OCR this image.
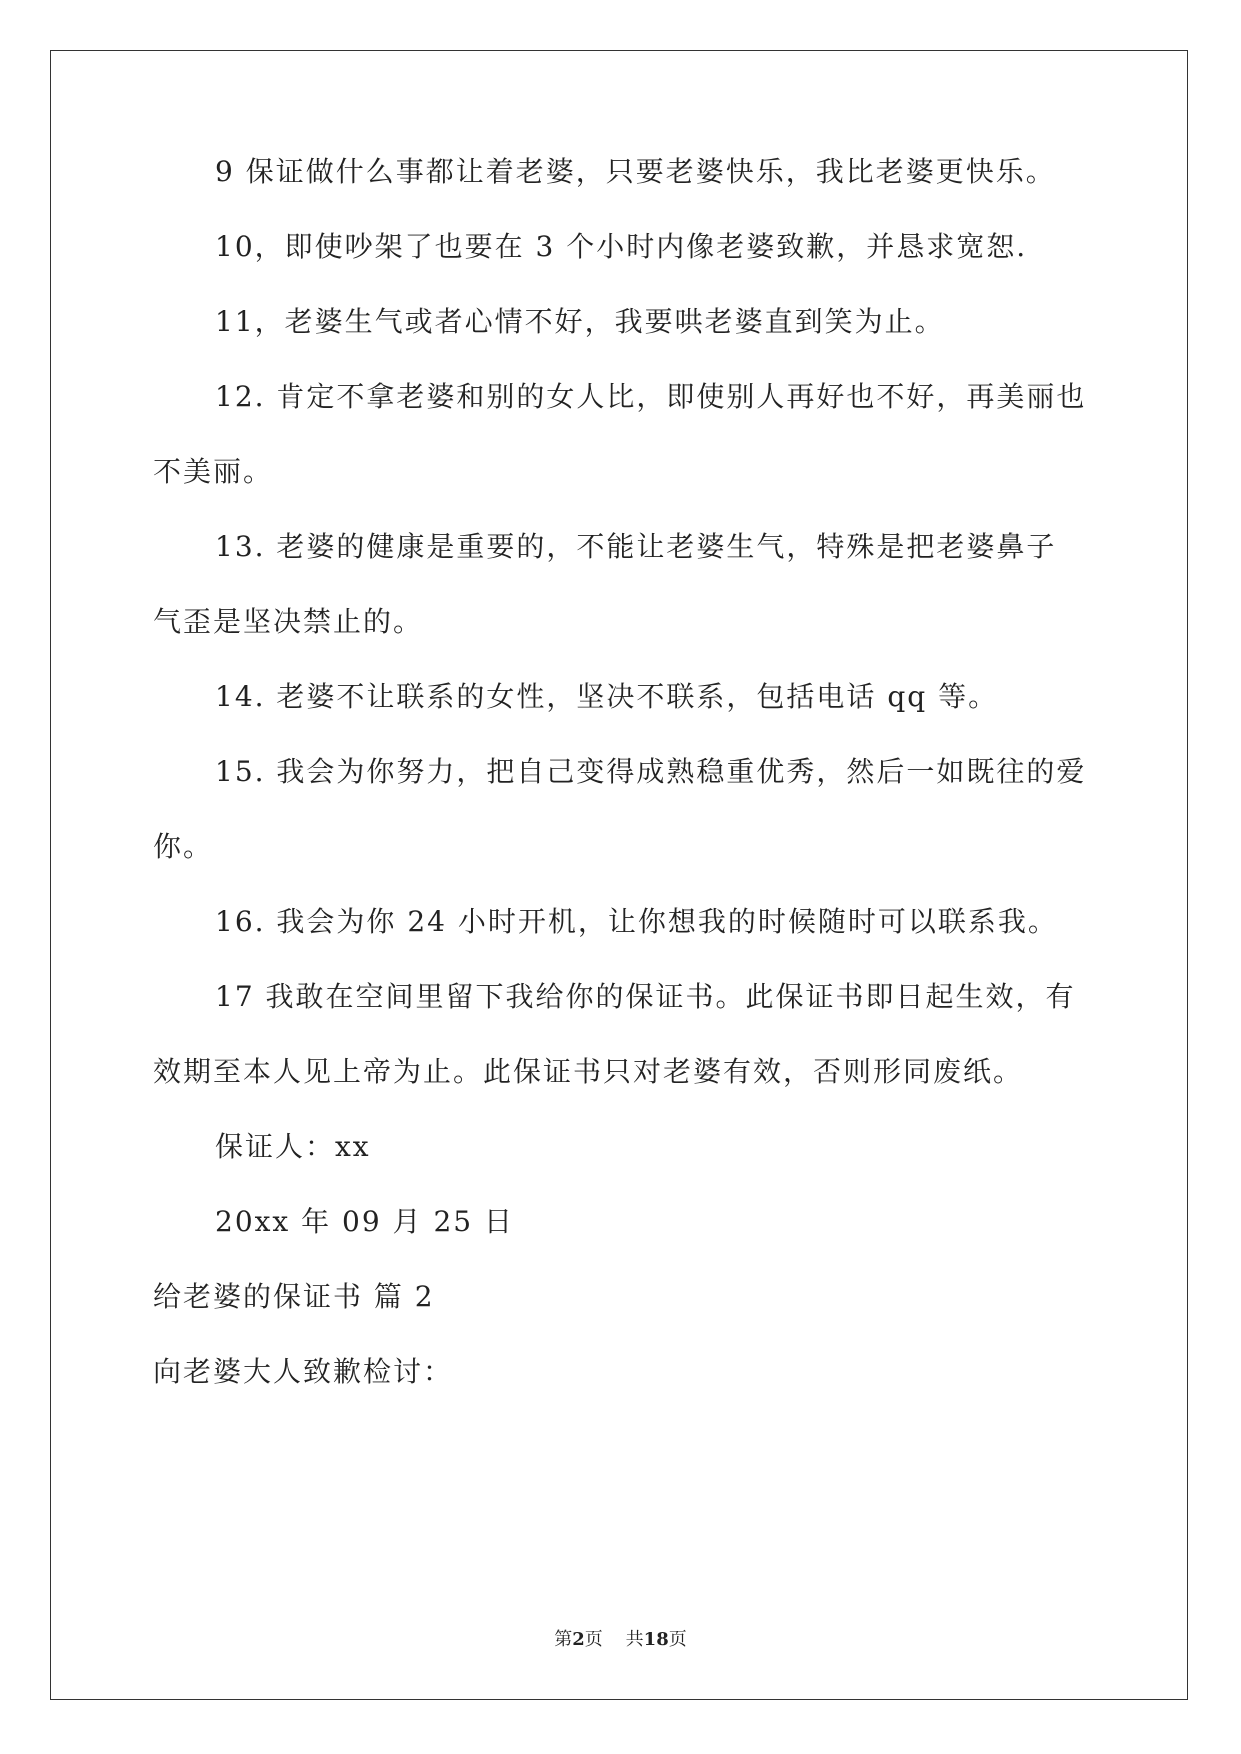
9 保证做什么事都让着老婆，只要老婆快乐，我比老婆更快乐。
10，即使吵架了也要在 3 个小时内像老婆致歉，并恳求宽恕.
11，老婆生气或者心情不好，我要哄老婆直到笑为止。
12. 肯定不拿老婆和别的女人比，即使别人再好也不好，再美丽也
不美丽。
13. 老婆的健康是重要的，不能让老婆生气，特殊是把老婆鼻子
气歪是坚决禁止的。
14. 老婆不让联系的女性，坚决不联系，包括电话 qq 等。
15. 我会为你努力，把自己变得成熟稳重优秀，然后一如既往的爱
你。
16. 我会为你 24 小时开机，让你想我的时候随时可以联系我。
17 我敢在空间里留下我给你的保证书。此保证书即日起生效，有
效期至本人见上帝为止。此保证书只对老婆有效，否则形同废纸。
保证人：xx
20xx 年 09 月 25 日
给老婆的保证书 篇 2
向老婆大人致歉检讨：
第2页    共18页
